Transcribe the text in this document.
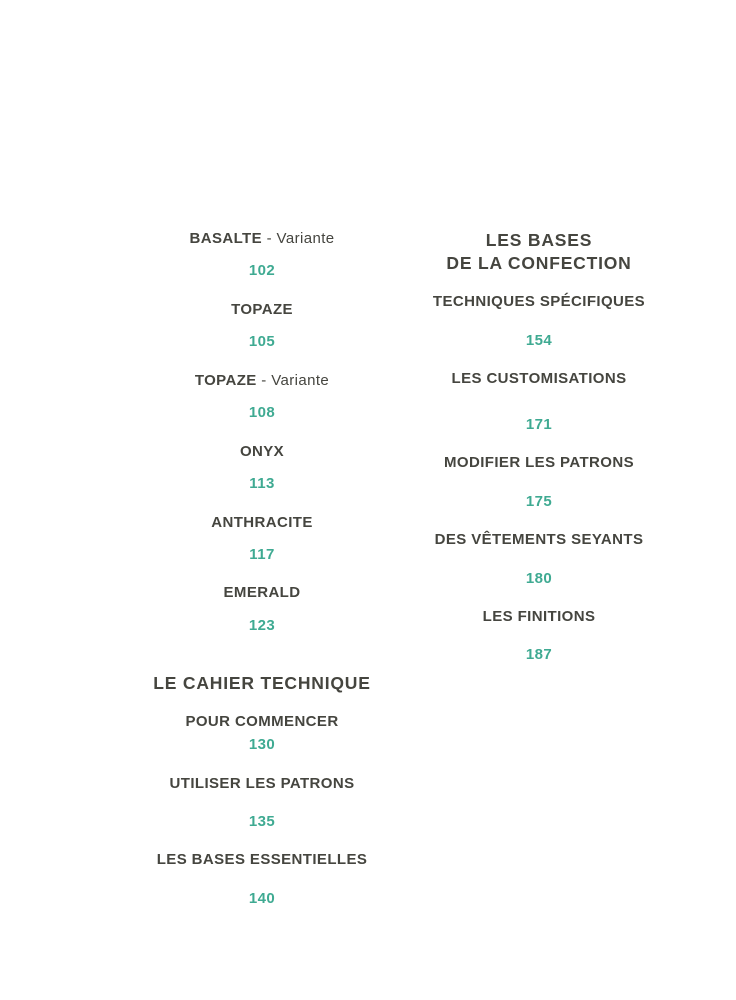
BASALTE - Variante
102
TOPAZE
105
TOPAZE - Variante
108
ONYX
113
ANTHRACITE
117
EMERALD
123
LE CAHIER TECHNIQUE
POUR COMMENCER
130
UTILISER LES PATRONS
135
LES BASES ESSENTIELLES
140
LES BASES
DE LA CONFECTION
TECHNIQUES SPÉCIFIQUES
154
LES CUSTOMISATIONS
171
MODIFIER LES PATRONS
175
DES VÊTEMENTS SEYANTS
180
LES FINITIONS
187
